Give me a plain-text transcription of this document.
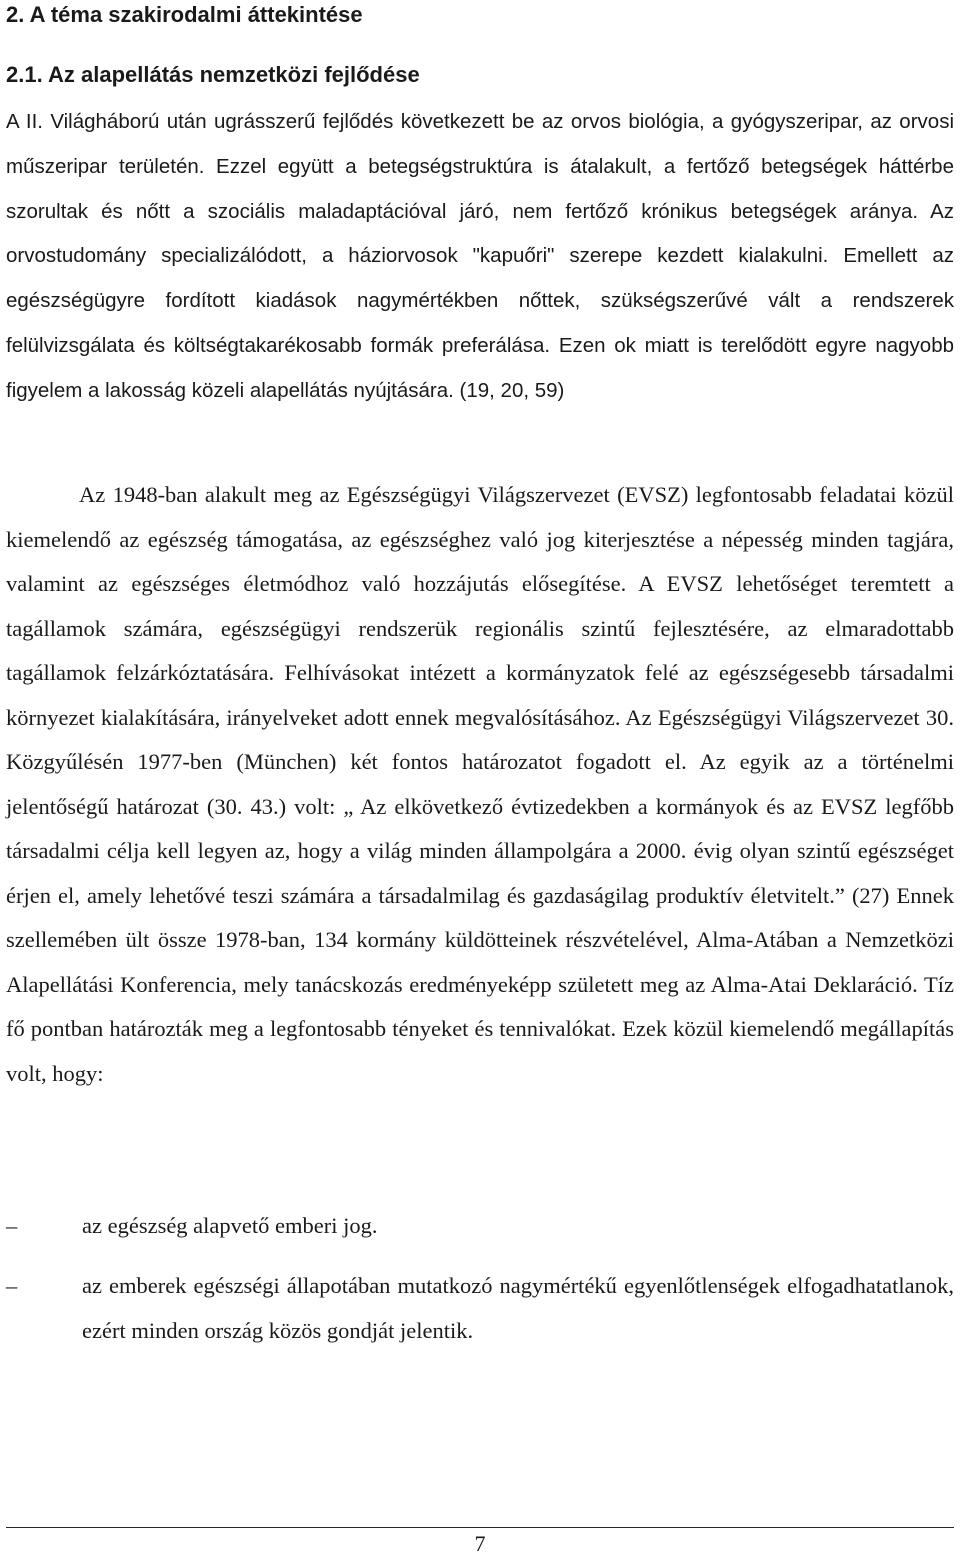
2. A téma szakirodalmi áttekintése
2.1. Az alapellátás nemzetközi fejlődése

A II. Világháború után ugrásszerű fejlődés következett be az orvos biológia, a gyógyszeripar, az orvosi műszeripar területén. Ezzel együtt a betegségstruktúra is átalakult, a fertőző betegségek háttérbe szorultak és nőtt a szociális maladaptációval járó, nem fertőző krónikus betegségek aránya. Az orvostudomány specializálódott, a háziorvosok "kapuőri" szerepe kezdett kialakulni. Emellett az egészségügyre fordított kiadások nagymértékben nőttek, szükségszerűvé vált a rendszerek felülvizsgálata és költségtakarékosabb formák preferálása. Ezen ok miatt is terelődött egyre nagyobb figyelem a lakosság közeli alapellátás nyújtására. (19, 20, 59)

Az 1948-ban alakult meg az Egészségügyi Világszervezet (EVSZ) legfontosabb feladatai közül kiemelendő az egészség támogatása, az egészséghez való jog kiterjesztése a népesség minden tagjára, valamint az egészséges életmódhoz való hozzájutás elősegítése. A EVSZ lehetőséget teremtett a tagállamok számára, egészségügyi rendszerük regionális szintű fejlesztésére, az elmaradottabb tagállamok felzárkóztatására. Felhívásokat intézett a kormányzatok felé az egészségesebb társadalmi környezet kialakítására, irányelveket adott ennek megvalósításához. Az Egészségügyi Világszervezet 30. Közgyűlésén 1977-ben (München) két fontos határozatot fogadott el. Az egyik az a történelmi jelentőségű határozat (30. 43.) volt: „ Az elkövetkező évtizedekben a kormányok és az EVSZ legfőbb társadalmi célja kell legyen az, hogy a világ minden állampolgára a 2000. évig olyan szintű egészséget érjen el, amely lehetővé teszi számára a társadalmilag és gazdaságilag produktív életvitelt.” (27) Ennek szellemében ült össze 1978-ban, 134 kormány küldötteinek részvételével, Alma-Atában a Nemzetközi Alapellátási Konferencia, mely tanácskozás eredményeképp született meg az Alma-Atai Deklaráció. Tíz fő pontban határozták meg a legfontosabb tényeket és tennivalókat. Ezek közül kiemelendő megállapítás volt, hogy:

–	az egészség alapvető emberi jog.
–	az emberek egészségi állapotában mutatkozó nagymértékű egyenlőtlenségek elfogadhatatlanok, ezért minden ország közös gondját jelentik.
7
